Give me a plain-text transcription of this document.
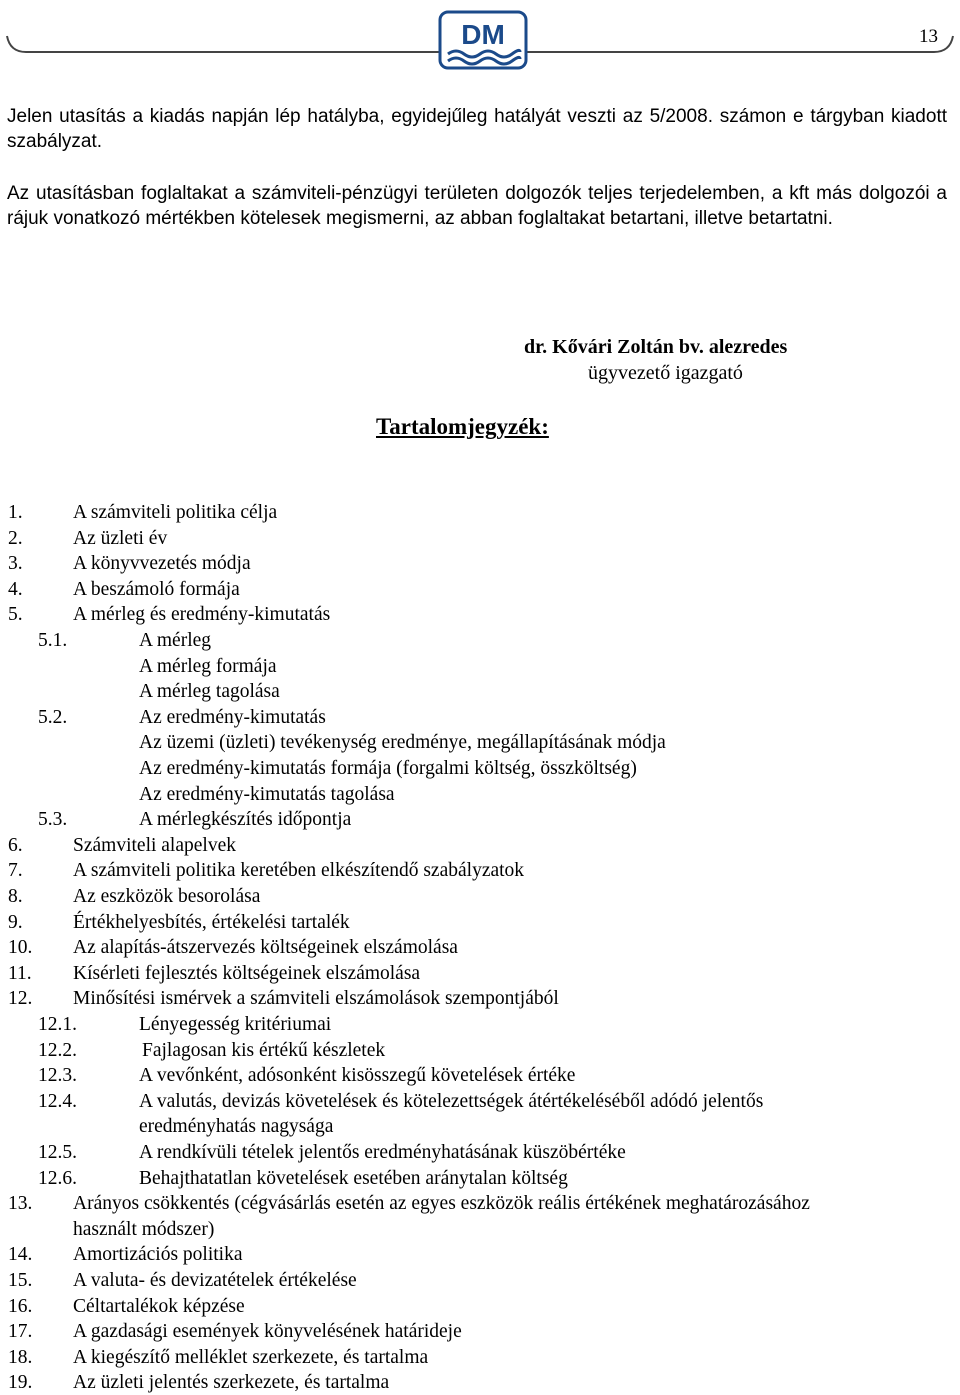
DM	13
Jelen utasítás a kiadás napján lép hatályba, egyidejűleg hatályát veszti az 5/2008. számon e tárgyban kiadott szabályzat.
Az utasításban foglaltakat a számviteli-pénzügyi területen dolgozók teljes terjedelemben, a kft más dolgozói a rájuk vonatkozó mértékben kötelesek megismerni, az abban foglaltakat betartani, illetve betartatni.
dr. Kővári Zoltán bv. alezredes
ügyvezető igazgató
Tartalomjegyzék:
1.	A számviteli politika célja
2.	Az üzleti év
3.	A könyvvezetés módja
4.	A beszámoló formája
5.	A mérleg és eredmény-kimutatás
5.1.	A mérleg
A mérleg formája
A mérleg tagolása
5.2.	Az eredmény-kimutatás
Az üzemi (üzleti) tevékenység eredménye, megállapításának módja
Az eredmény-kimutatás formája (forgalmi költség, összköltség)
Az eredmény-kimutatás tagolása
5.3.	A mérlegkészítés időpontja
6.	Számviteli alapelvek
7.	A számviteli politika keretében elkészítendő szabályzatok
8.	Az eszközök besorolása
9.	Értékhelyesbítés, értékelési tartalék
10. Az alapítás-átszervezés költségeinek elszámolása
11. Kísérleti fejlesztés költségeinek elszámolása
12. Minősítési ismérvek a számviteli elszámolások szempontjából
12.1.	Lényegesség kritériumai
12.2.	Fajlagosan kis értékű készletek
12.3.	A vevőnként, adósonként kisösszegű követelések értéke
12.4.	A valutás, devizás követelések és kötelezettségek átértékeléséből adódó jelentős
eredményhatás nagysága
12.5.	A rendkívüli tételek jelentős eredményhatásának küszöbértéke
12.6.	Behajthatatlan követelések esetében aránytalan költség
13. Arányos csökkentés (cégvásárlás esetén az egyes eszközök reális értékének meghatározásához
használt módszer)
14. Amortizációs politika
15. A valuta- és devizatételek értékelése
16. Céltartalékok képzése
17. A gazdasági események könyvelésének határideje
18. A kiegészítő melléklet szerkezete, és tartalma
19. Az üzleti jelentés szerkezete, és tartalma
